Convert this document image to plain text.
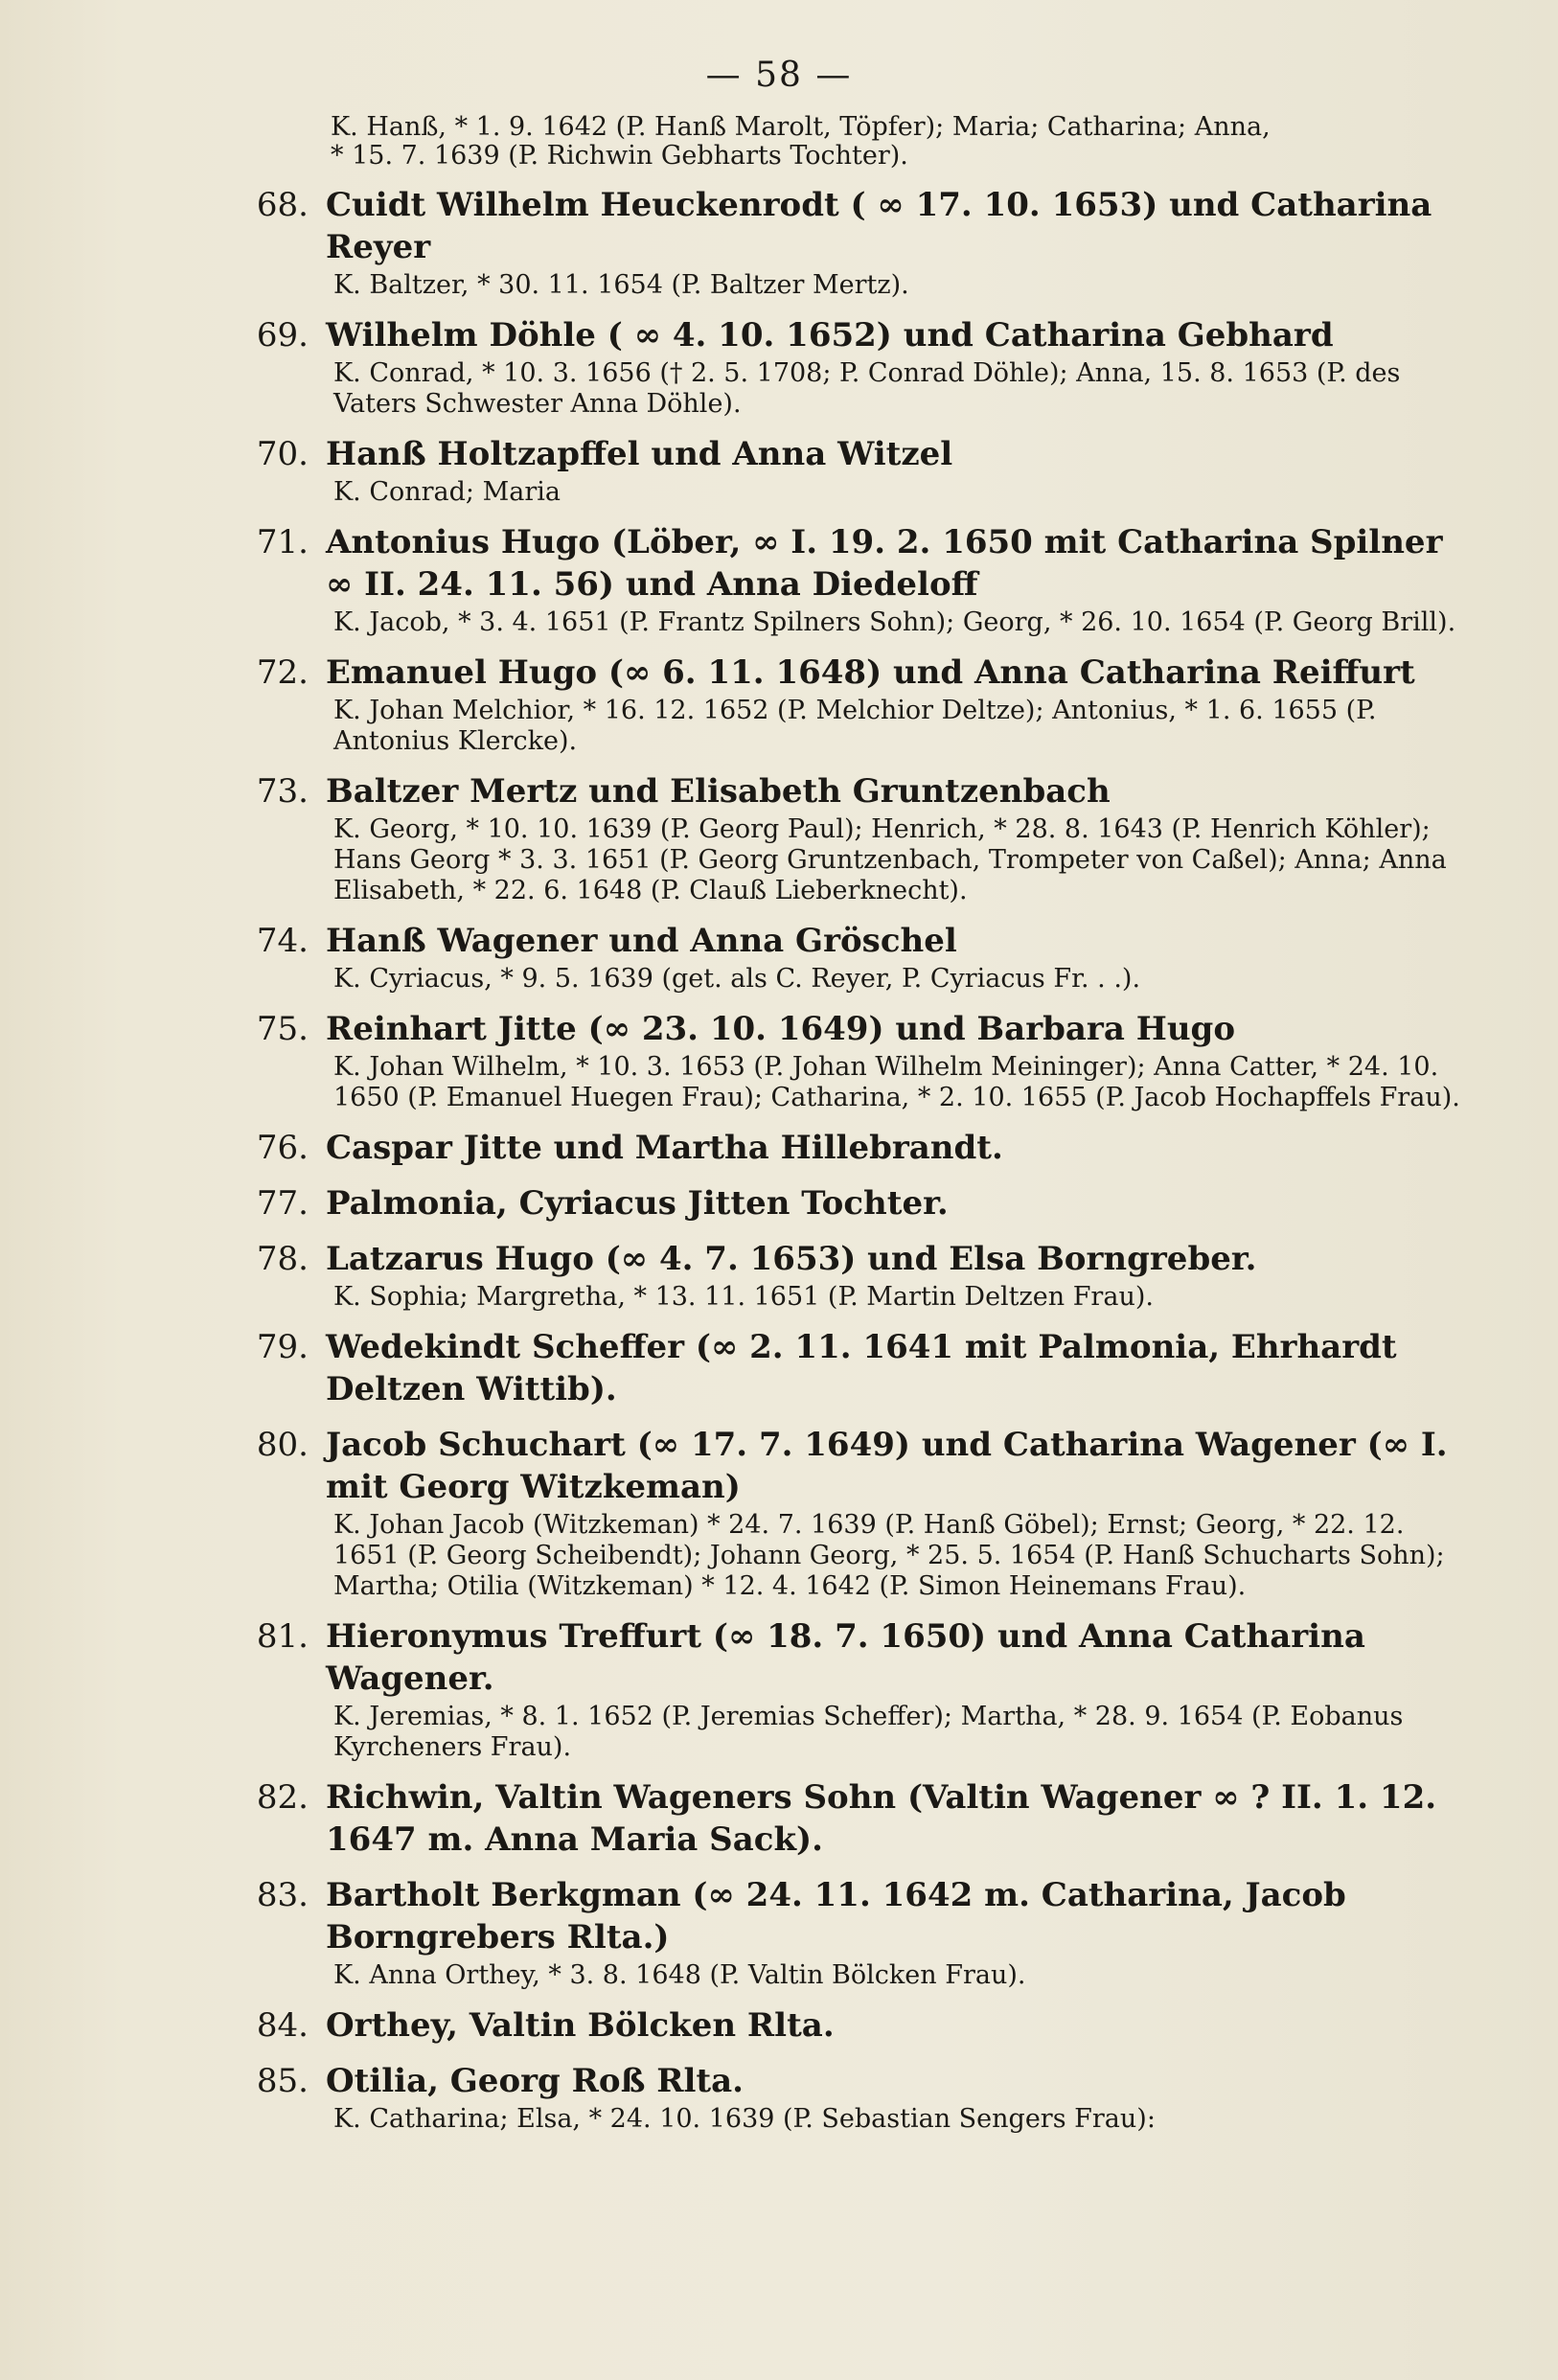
— 58 —

K. Hanß, * 1. 9. 1642 (P. Hanß Marolt, Töpfer); Maria; Catharina; Anna,

* 15. 7. 1639 (P. Richwin Gebharts Tochter).

68. Cuidt Wilhelm Heuckenrodt ( ∞ 17. 10. 1653) und Catharina Reyer

K. Baltzer, * 30. 11. 1654 (P. Baltzer Mertz).

69. Wilhelm Döhle ( ∞ 4. 10. 1652) und Catharina Gebhard

K. Conrad, * 10. 3. 1656 († 2. 5. 1708; P. Conrad Döhle); Anna, 15. 8. 1653 (P. des Vaters Schwester Anna Döhle).

70. Hanß Holtzapffel und Anna Witzel

K. Conrad; Maria

71. Antonius Hugo (Löber, ∞ I. 19. 2. 1650 mit Catharina Spilner ∞ II. 24. 11. 56) und Anna Diedeloff

K. Jacob, * 3. 4. 1651 (P. Frantz Spilners Sohn); Georg, * 26. 10. 1654 (P. Georg Brill).

72. Emanuel Hugo (∞ 6. 11. 1648) und Anna Catharina Reiffurt

K. Johan Melchior, * 16. 12. 1652 (P. Melchior Deltze); Antonius, * 1. 6. 1655 (P. Antonius Klercke).

73. Baltzer Mertz und Elisabeth Gruntzenbach

K. Georg, * 10. 10. 1639 (P. Georg Paul); Henrich, * 28. 8. 1643 (P. Henrich Köhler); Hans Georg * 3. 3. 1651 (P. Georg Gruntzenbach, Trompeter von Caßel); Anna; Anna Elisabeth, * 22. 6. 1648 (P. Clauß Lieberknecht).

74. Hanß Wagener und Anna Gröschel

K. Cyriacus, * 9. 5. 1639 (get. als C. Reyer, P. Cyriacus Fr. . .).

75. Reinhart Jitte (∞ 23. 10. 1649) und Barbara Hugo

K. Johan Wilhelm, * 10. 3. 1653 (P. Johan Wilhelm Meininger); Anna Catter, * 24. 10. 1650 (P. Emanuel Huegen Frau); Catharina, * 2. 10. 1655 (P. Jacob Hochapffels Frau).

76. Caspar Jitte und Martha Hillebrandt.

77. Palmonia, Cyriacus Jitten Tochter.

78. Latzarus Hugo (∞ 4. 7. 1653) und Elsa Borngreber.

K. Sophia; Margretha, * 13. 11. 1651 (P. Martin Deltzen Frau).

79. Wedekindt Scheffer (∞ 2. 11. 1641 mit Palmonia, Ehrhardt Deltzen Wittib).

80. Jacob Schuchart (∞ 17. 7. 1649) und Catharina Wagener (∞ I. mit Georg Witzkeman)

K. Johan Jacob (Witzkeman) * 24. 7. 1639 (P. Hanß Göbel); Ernst; Georg, * 22. 12. 1651 (P. Georg Scheibendt); Johann Georg, * 25. 5. 1654 (P. Hanß Schucharts Sohn); Martha; Otilia (Witzkeman) * 12. 4. 1642 (P. Simon Heinemans Frau).

81. Hieronymus Treffurt (∞ 18. 7. 1650) und Anna Catharina Wagener.

K. Jeremias, * 8. 1. 1652 (P. Jeremias Scheffer); Martha, * 28. 9. 1654 (P. Eobanus Kyrcheners Frau).

82. Richwin, Valtin Wageners Sohn (Valtin Wagener ∞ ? II. 1. 12. 1647 m. Anna Maria Sack).

83. Bartholt Berkgman (∞ 24. 11. 1642 m. Catharina, Jacob Borngrebers Rlta.)

K. Anna Orthey, * 3. 8. 1648 (P. Valtin Bölcken Frau).

84. Orthey, Valtin Bölcken Rlta.

85. Otilia, Georg Roß Rlta.

K. Catharina; Elsa, * 24. 10. 1639 (P. Sebastian Sengers Frau):
